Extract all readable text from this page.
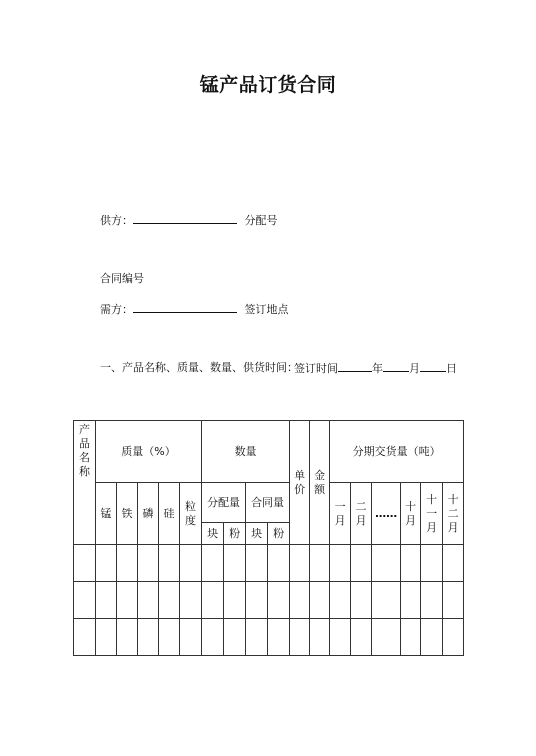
锰产品订货合同
供方：	分配号
合同编号
需方：	签订地点
一、产品名称、质量、数量、供货时间：
签订时间	年 月 日
产品名称	质量（%）					数量				单价	金额	分期交货量（吨）					
	锰	铁	磷	硅	粒度	分配量		合同量				一月	二月	……	十月	十一月	十二月
						块	粉	块	粉								
